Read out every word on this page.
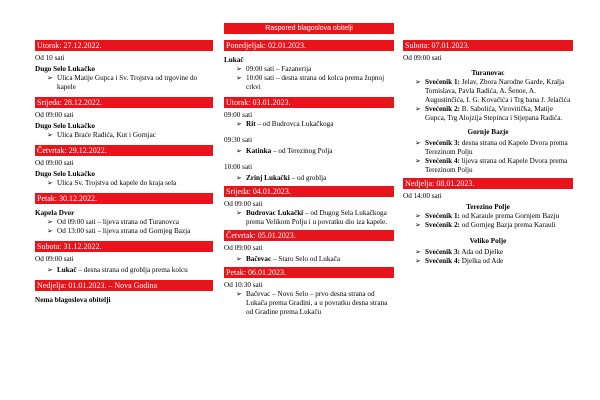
Raspored blagoslova obitelji
Utorak: 27.12.2022.
Od 10 sati
Dugo Selo Lukačko
➢ Ulica Matije Gupca i Sv. Trojstva od trgovine do kapele
Srijeda: 28.12.2022.
Od 09:00 sati
Dugo Selo Lukačko
➢ Ulica Braće Radića, Kut i Gornjac
Četvrtak: 29.12.2022.
Od 09:00 sati
Dugo Selo Lukačko
➢ Ulica Sv. Trojstva od kapele do kraja sela
Petak: 30.12.2022.
Kapela Dvor
➢ Od 09:00 sati – lijeva strana od Turanovca
➢ Od 13:00 sati – lijeva strana od Gornjeg Bazja
Subota: 31.12.2022.
Od 09:00 sati
➢ Lukač – desna strana od groblja prema kolcu
Nedjelja: 01.01.2023. – Nova Godina
Nema blagoslova obitelji
Ponedjeljak: 02.01.2023.
Lukač
➢ 09:00 sati – Fazanerija
➢ 10:00 sati – desna strana od kolca prema župnoj crkvi
Utorak: 03.01.2023.
09:00 sati
➢ Rit – od Budrovca Lukačkoga
09:30 sati
➢ Katinka – od Terezinog Polja
10:00 sati
➢ Zrinj Lukački – od groblja
Srijeda: 04.01.2023.
Od 09:00 sati
➢ Budrovac Lukački – od Dugog Sela Lukačkoga prema Velikom Polju i u povratku dio iza kapele.
Četvrtak: 05.01.2023.
Od 09:00 sati
➢ Bačevac – Staro Selo od Lukača
Petak: 06.01.2023.
Od 10:30 sati
➢ Bačevac – Novo Selo – prvo desna strana od Lukača prema Gradini, a u povratku desna strana od Gradine prema Lukaču
Subota: 07.01.2023.
Od 09:00 sati
Turanovac
➢ Svećenik 1: Jelav, Zbora Narodne Garde, Kralja Tomislava, Pavla Radića, A. Šenoe, A. Augustinčića, I. G. Kovačića i Trg bana J. Jelačića
➢ Svećenik 2: B. Sabolića, Virovitička, Matije Gupca, Trg Alojzija Stepinca i Stjepana Radića.
Gornje Bazje
➢ Svećenik 3: desna strana od Kapele Dvora prema Terezinom Polju
➢ Svećenik 4: lijeva strana od Kapele Dvora prema Terezinom Polju
Nedjelja: 08.01.2023.
Od 14:00 sati
Terezino Polje
➢ Svećenik 1: od Karaule prema Gornjem Bazju
➢ Svećenik 2: od Gornjeg Bazja prema Karauli
Veliko Polje
➢ Svećenik 3: Ada od Djelke
➢ Svećenik 4: Djelka od Ade
